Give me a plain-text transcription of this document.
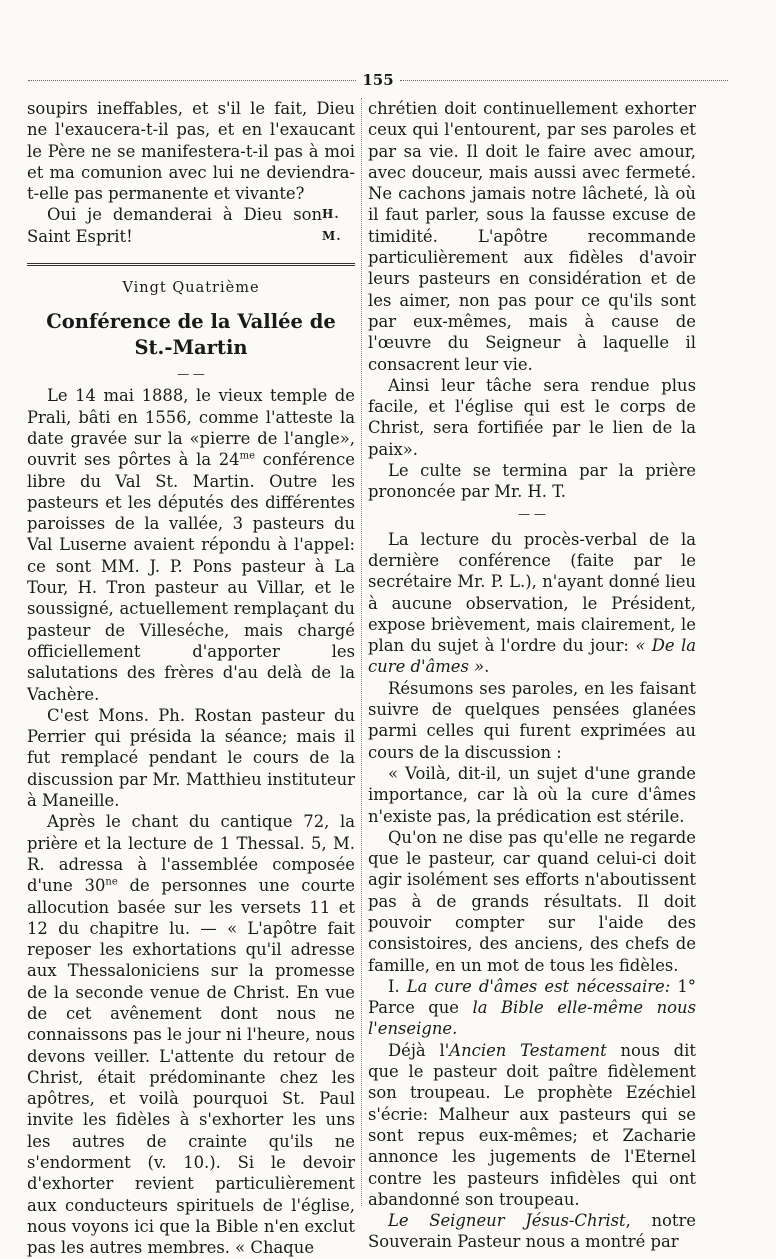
155

soupirs ineffables, et s'il le fait, Dieu ne l'exaucera-t-il pas, et en l'exaucant le Père ne se manifestera-t-il pas à moi et ma comunion avec lui ne deviendra-t-elle pas permanente et vivante?

Oui je demanderai à Dieu son Saint Esprit!
H. M.
Vingt Quatrième
Conférence de la Vallée de St.-Martin
— —

Le 14 mai 1888, le vieux temple de Prali, bâti en 1556, comme l'atteste la date gravée sur la «pierre de l'angle», ouvrit ses pôrtes à la $24^{me}$ conférence libre du Val St. Martin. Outre les pasteurs et les députés des différentes paroisses de la vallée, 3 pasteurs du Val Luserne avaient répondu à l'appel: ce sont MM. J. P. Pons pasteur à La Tour, H. Tron pasteur au Villar, et le soussigné, actuellement remplaçant du pasteur de Villeséche, mais chargé officiellement d'apporter les salutations des frères d'au delà de la Vachère.

C'est Mons. Ph. Rostan pasteur du Perrier qui présida la séance; mais il fut remplacé pendant le cours de la discussion par Mr. Matthieu instituteur à Maneille.

Après le chant du cantique 72, la prière et la lecture de 1 Thessal. 5, M. R. adressa à l'assemblée composée d'une $30^{ne}$ de personnes une courte allocution basée sur les versets 11 et 12 du chapitre lu. — « L'apôtre fait reposer les exhortations qu'il adresse aux Thessaloniciens sur la promesse de la seconde venue de Christ. En vue de cet avênement dont nous ne connaissons pas le jour ni l'heure, nous devons veiller. L'attente du retour de Christ, était prédominante chez les apôtres, et voilà pourquoi St. Paul invite les fidèles à s'exhorter les uns les autres de crainte qu'ils ne s'endorment (v. 10.). Si le devoir d'exhorter revient particulièrement aux conducteurs spirituels de l'église, nous voyons ici que la Bible n'en exclut pas les autres membres. « Chaque

chrétien doit continuellement exhorter ceux qui l'entourent, par ses paroles et par sa vie. Il doit le faire avec amour, avec douceur, mais aussi avec fermeté. Ne cachons jamais notre lâcheté, là où il faut parler, sous la fausse excuse de timidité. L'apôtre recommande particulièrement aux fidèles d'avoir leurs pasteurs en considération et de les aimer, non pas pour ce qu'ils sont par eux-mêmes, mais à cause de l'œuvre du Seigneur à laquelle il consacrent leur vie.

Ainsi leur tâche sera rendue plus facile, et l'église qui est le corps de Christ, sera fortifiée par le lien de la paix».

Le culte se termina par la prière prononcée par Mr. H. T.

— —

La lecture du procès-verbal de la dernière conférence (faite par le secrétaire Mr. P. L.), n'ayant donné lieu à aucune observation, le Président, expose brièvement, mais clairement, le plan du sujet à l'ordre du jour: « De la cure d'âmes ».

Résumons ses paroles, en les faisant suivre de quelques pensées glanées parmi celles qui furent exprimées au cours de la discussion :

« Voilà, dit-il, un sujet d'une grande importance, car là où la cure d'âmes n'existe pas, la prédication est stérile.

Qu'on ne dise pas qu'elle ne regarde que le pasteur, car quand celui-ci doit agir isolément ses efforts n'aboutissent pas à de grands résultats. Il doit pouvoir compter sur l'aide des consistoires, des anciens, des chefs de famille, en un mot de tous les fidèles.

I. La cure d'âmes est nécessaire: 1° Parce que la Bible elle-même nous l'enseigne.

Déjà l'Ancien Testament nous dit que le pasteur doit paître fidèlement son troupeau. Le prophète Ezéchiel s'écrie: Malheur aux pasteurs qui se sont repus eux-mêmes; et Zacharie annonce les jugements de l'Eternel contre les pasteurs infidèles qui ont abandonné son troupeau.

Le Seigneur Jésus-Christ, notre Souverain Pasteur nous a montré par
